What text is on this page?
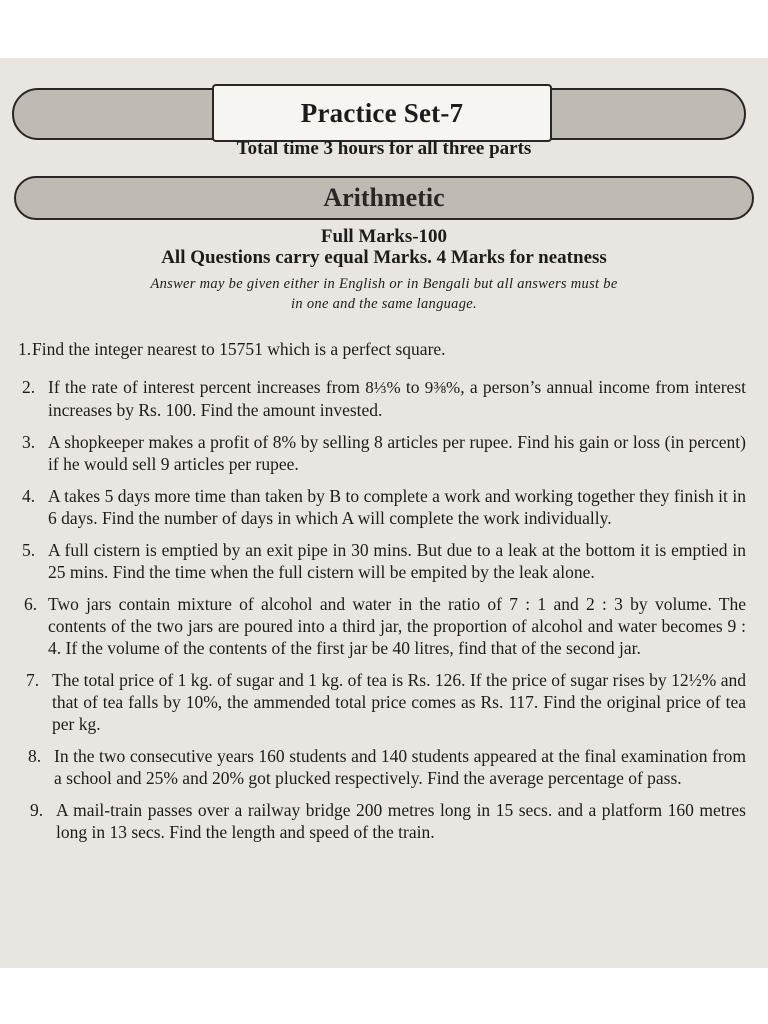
Practice Set-7
Total time 3 hours for all three parts
Arithmetic
Full Marks-100
All Questions carry equal Marks. 4 Marks for neatness
Answer may be given either in English or in Bengali but all answers must be
in one and the same language.
1. Find the integer nearest to 15751 which is a perfect square.
2. If the rate of interest percent increases from 8⅓% to 9⅜%, a person’s annual income from interest increases by Rs. 100. Find the amount invested.
3. A shopkeeper makes a profit of 8% by selling 8 articles per rupee. Find his gain or loss (in percent) if he would sell 9 articles per rupee.
4. A takes 5 days more time than taken by B to complete a work and working together they finish it in 6 days. Find the number of days in which A will complete the work individually.
5. A full cistern is emptied by an exit pipe in 30 mins. But due to a leak at the bottom it is emptied in 25 mins. Find the time when the full cistern will be empited by the leak alone.
6. Two jars contain mixture of alcohol and water in the ratio of 7 : 1 and 2 : 3 by volume. The contents of the two jars are poured into a third jar, the proportion of alcohol and water becomes 9 : 4. If the volume of the contents of the first jar be 40 litres, find that of the second jar.
7. The total price of 1 kg. of sugar and 1 kg. of tea is Rs. 126. If the price of sugar rises by 12½% and that of tea falls by 10%, the ammended total price comes as Rs. 117. Find the original price of tea per kg.
8. In the two consecutive years 160 students and 140 students appeared at the final examination from a school and 25% and 20% got plucked respectively. Find the average percentage of pass.
9. A mail-train passes over a railway bridge 200 metres long in 15 secs. and a platform 160 metres long in 13 secs. Find the length and speed of the train.
